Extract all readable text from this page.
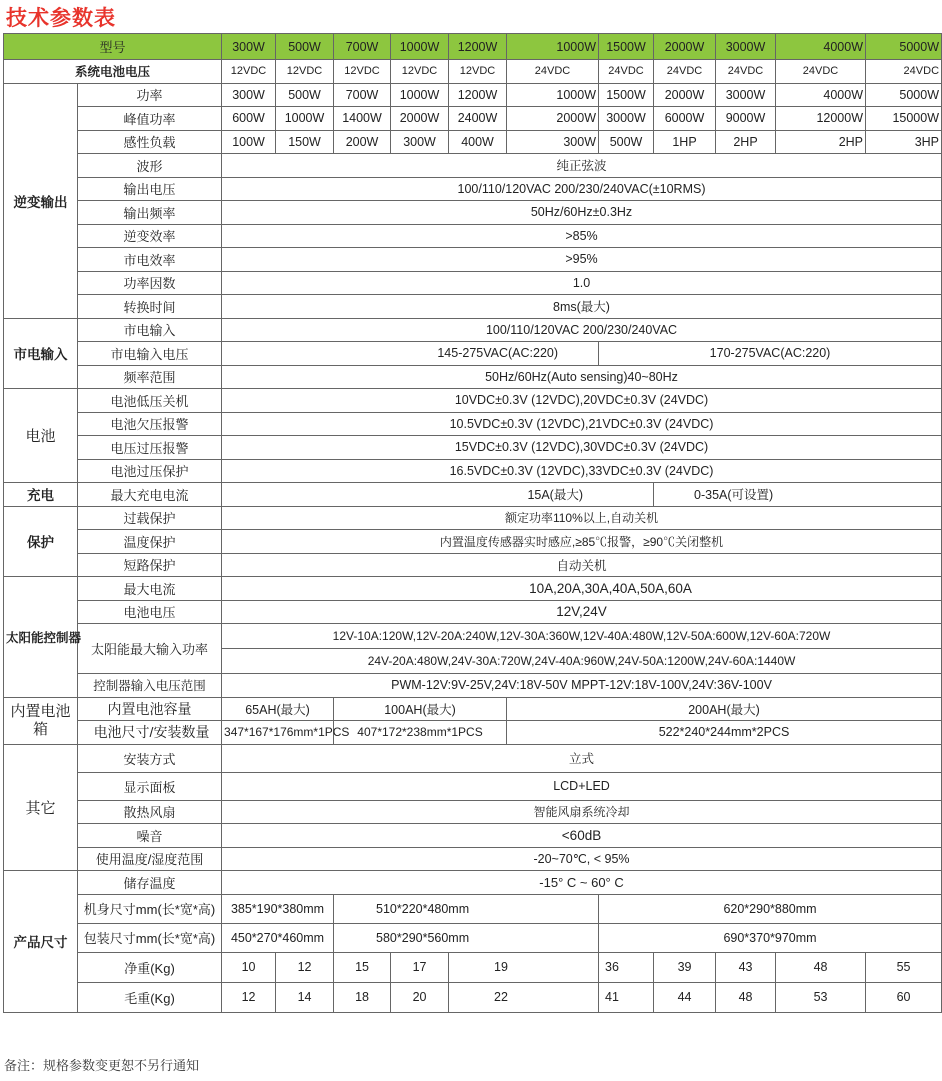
技术参数表
型号		300W	500W	700W	1000W	1200W	1000W	1500W	2000W	3000W	4000W	5000W
系统电池电压		12VDC	12VDC	12VDC	12VDC	12VDC	24VDC	24VDC	24VDC	24VDC	24VDC	24VDC
逆变输出	功率	300W	500W	700W	1000W	1200W	1000W	1500W	2000W	3000W	4000W	5000W
	峰值功率	600W	1000W	1400W	2000W	2400W	2000W	3000W	6000W	9000W	12000W	15000W
	感性负载	100W	150W	200W	300W	400W	300W	500W	1HP	2HP	2HP	3HP
	波形	纯正弦波										
	输出电压	100/110/120VAC 200/230/240VAC(±10RMS)										
	输出频率	50Hz/60Hz±0.3Hz										
	逆变效率	>85%										
	市电效率	>95%										
	功率因数	1.0										
	转换时间	8ms(最大)										
市电输入	市电输入	100/110/120VAC 200/230/240VAC										
	市电输入电压	145-275VAC(AC:220)						170-275VAC(AC:220)				
	频率范围	50Hz/60Hz(Auto sensing)40~80Hz										
电池	电池低压关机	10VDC±0.3V (12VDC),20VDC±0.3V (24VDC)										
	电池欠压报警	10.5VDC±0.3V (12VDC),21VDC±0.3V (24VDC)										
	电压过压报警	15VDC±0.3V (12VDC),30VDC±0.3V (24VDC)										
	电池过压保护	16.5VDC±0.3V (12VDC),33VDC±0.3V (24VDC)										
充电	最大充电电流	15A(最大)							0-35A(可设置)			
保护	过载保护	额定功率110%以上,自动关机										
	温度保护	内置温度传感器实时感应,≥85℃报警，≥90℃关闭整机										
	短路保护	自动关机										
太阳能控制器	最大电流	10A,20A,30A,40A,50A,60A										
	电池电压	12V,24V										
	太阳能最大输入功率	12V-10A:120W,12V-20A:240W,12V-30A:360W,12V-40A:480W,12V-50A:600W,12V-60A:720W										
		24V-20A:480W,24V-30A:720W,24V-40A:960W,24V-50A:1200W,24V-60A:1440W										
	控制器输入电压范围	PWM-12V:9V-25V,24V:18V-50V MPPT-12V:18V-100V,24V:36V-100V										
内置电池箱	内置电池容量	65AH(最大)		100AH(最大)			200AH(最大)					
	电池尺寸/安装数量	347*167*176mm*1PCS		407*172*238mm*1PCS			522*240*244mm*2PCS					
其它	安装方式	立式										
	显示面板	LCD+LED										
	散热风扇	智能风扇系统冷却										
	噪音	<60dB										
	使用温度/湿度范围	-20~70℃, < 95%										
产品尺寸	储存温度	-15° C ~ 60° C										
	机身尺寸mm(长*宽*高)	385*190*380mm		510*220*480mm				620*290*880mm				
	包装尺寸mm(长*宽*高)	450*270*460mm		580*290*560mm				690*370*970mm				
	净重(Kg)	10	12	15	17	19		36	39	43	48	55
	毛重(Kg)	12	14	18	20	22		41	44	48	53	60
备注：规格参数变更恕不另行通知
